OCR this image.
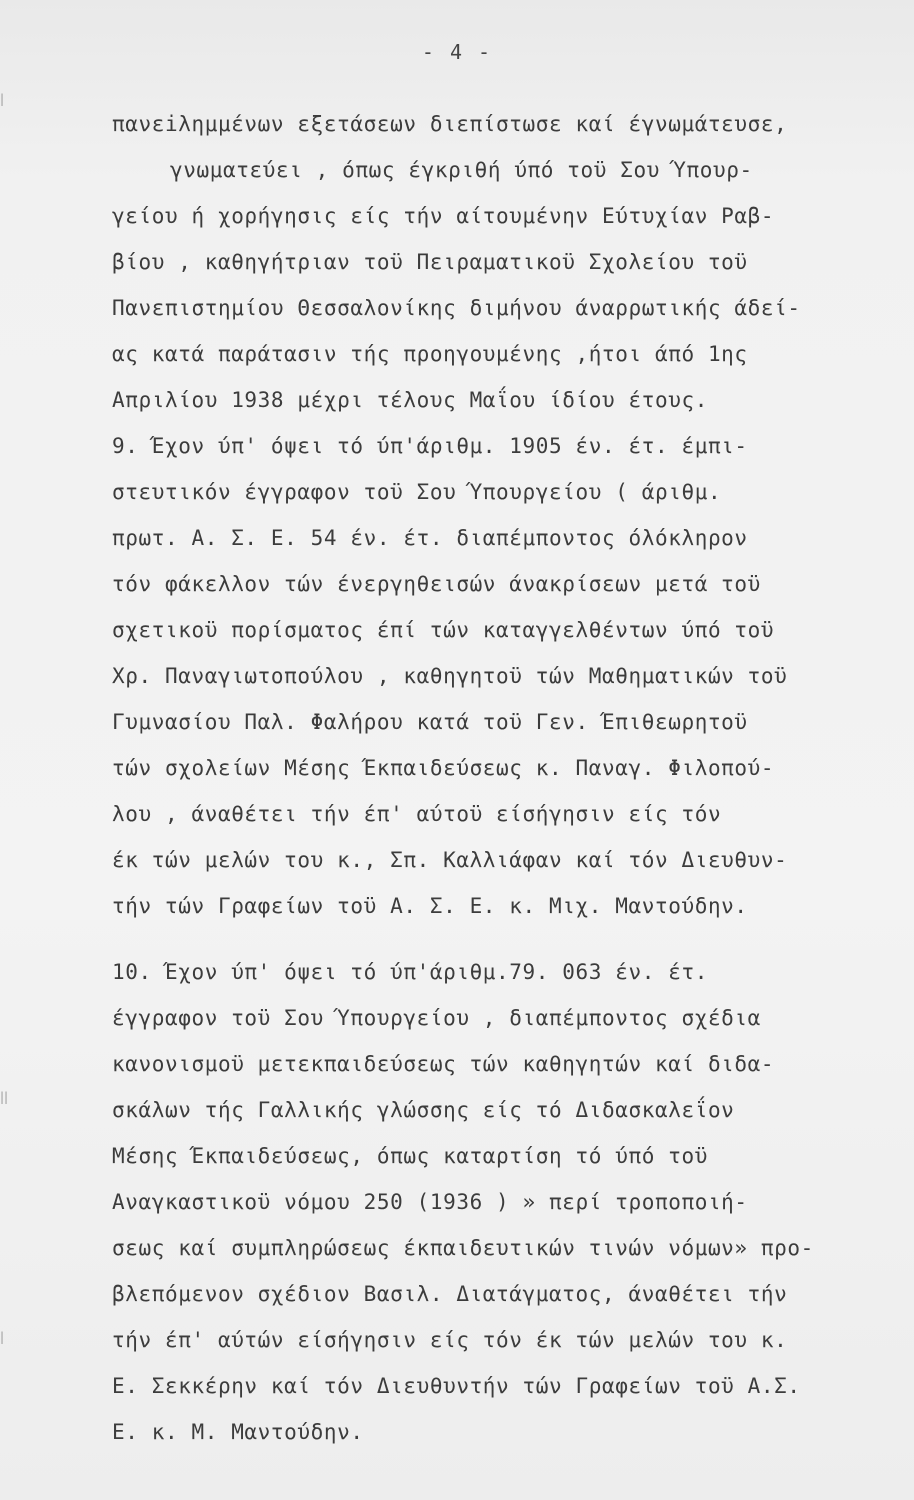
|
||
|
- 4 -
πανεiλημμένων εξετάσεων διεπίστωσε καί έγνωμάτευσε,
γνωματεύει , όπως έγκριθή ύπό τοϋ Σου Ύπουρ-
γείου ή χορήγησις είς τήν αίτουμένην Εύτυχίαν Ραβ-
βίου , καθηγήτριαν τοϋ Πειραματικοϋ Σχολείου τοϋ
Πανεπιστημίου Θεσσαλονίκης διμήνου άναρρωτικής άδεί-
ας κατά παράτασιν τής προηγουμένης ,ήτοι άπό 1ης
Απριλίου 1938 μέχρι τέλους Μαΐου ίδίου έτους.
9. Έχον ύπ' όψει τό ύπ'άριθμ. 1905 έν. έτ. έμπι-
στευτικόν έγγραφον τοϋ Σου Ύπουργείου ( άριθμ.
πρωτ. Α. Σ. Ε. 54 έν. έτ. διαπέμποντος όλόκληρον
τόν φάκελλον τών ένεργηθεισών άνακρίσεων μετά τοϋ
σχετικοϋ πορίσματος έπί τών καταγγελθέντων ύπό τοϋ
Χρ. Παναγιωτοπούλου , καθηγητοϋ τών Μαθηματικών τοϋ
Γυμνασίου Παλ. Φαλήρου κατά τοϋ Γεν. Έπιθεωρητοϋ
τών σχολείων Μέσης Έκπαιδεύσεως κ. Παναγ. Φιλοπού-
λου , άναθέτει τήν έπ' αύτοϋ είσήγησιν είς τόν
έκ τών μελών του κ., Σπ. Καλλιάφαν καί τόν Διευθυν-
τήν τών Γραφείων τοϋ Α. Σ. Ε. κ. Μιχ. Μαντούδην.
10. Έχον ύπ' όψει τό ύπ'άριθμ.79. 063 έν. έτ.
έγγραφον τοϋ Σου Ύπουργείου , διαπέμποντος σχέδια
κανονισμοϋ μετεκπαιδεύσεως τών καθηγητών καί διδα-
σκάλων τής Γαλλικής γλώσσης είς τό Διδασκαλεΐον
Μέσης Έκπαιδεύσεως, όπως καταρτίση τό ύπό τοϋ
Αναγκαστικοϋ νόμου 250 (1936 ) » περί τροποποιή-
σεως καί συμπληρώσεως έκπαιδευτικών τινών νόμων» προ-
βλεπόμενον σχέδιον Βασιλ. Διατάγματος, άναθέτει τήν
τήν έπ' αύτών είσήγησιν είς τόν έκ τών μελών του κ.
Ε. Σεκκέρην καί τόν Διευθυντήν τών Γραφείων τοϋ Α.Σ.
Ε. κ. Μ. Μαντούδην.
